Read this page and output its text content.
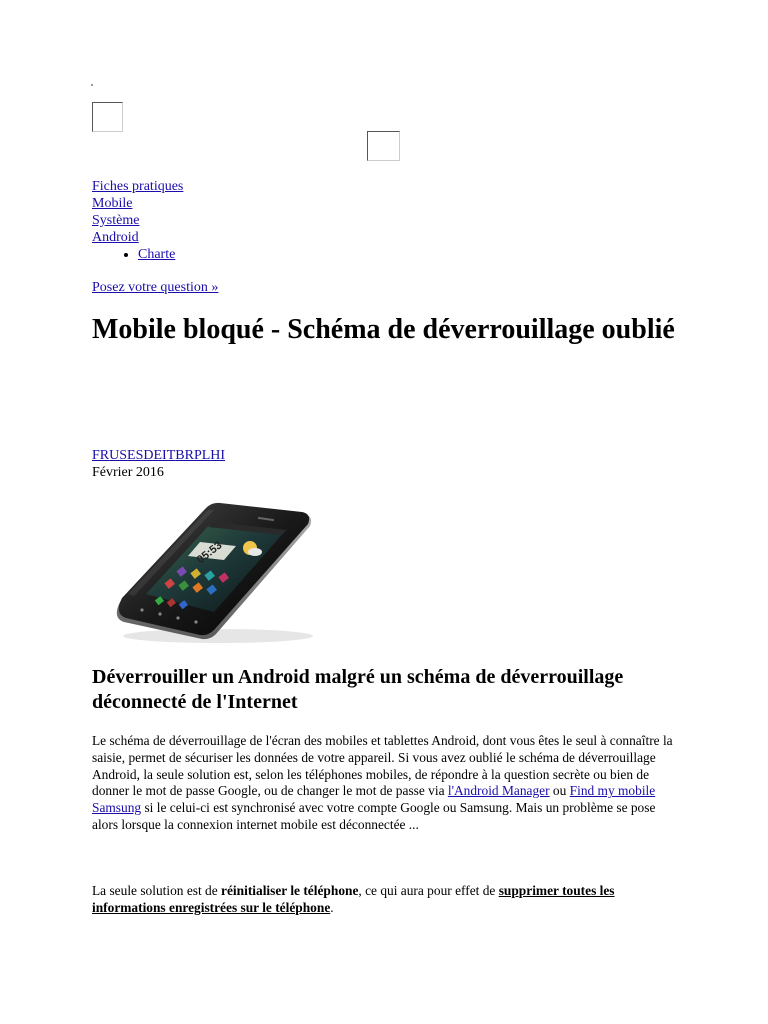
Fiches pratiques
Mobile
Système
Android
• Charte
Posez votre question »
Mobile bloqué - Schéma de déverrouillage oublié
FRUSESDEITBRPLHI
Février 2016
05:53
Déverrouiller un Android malgré un schéma de déverrouillage déconnecté de l'Internet

Le schéma de déverrouillage de l'écran des mobiles et tablettes Android, dont vous êtes le seul à connaître la saisie, permet de sécuriser les données de votre appareil. Si vous avez oublié le schéma de déverrouillage Android, la seule solution est, selon les téléphones mobiles, de répondre à la question secrète ou bien de donner le mot de passe Google, ou de changer le mot de passe via l'Android Manager ou Find my mobile Samsung si le celui-ci est synchronisé avec votre compte Google ou Samsung. Mais un problème se pose alors lorsque la connexion internet mobile est déconnectée ...

La seule solution est de réinitialiser le téléphone, ce qui aura pour effet de supprimer toutes les informations enregistrées sur le téléphone.
